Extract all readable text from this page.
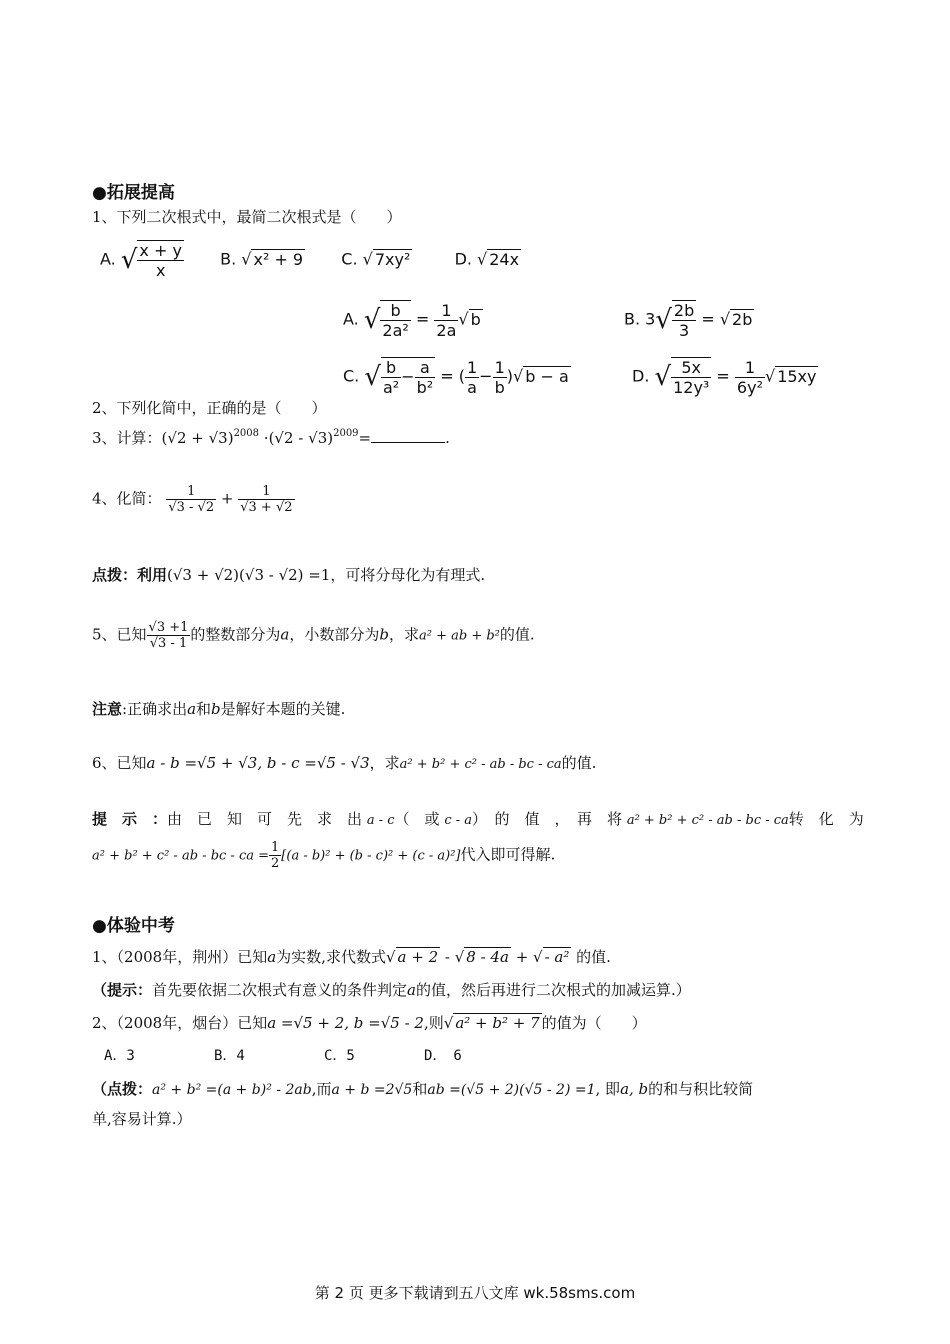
●拓展提高
1、下列二次根式中，最简二次根式是（　　）
A. √ $\frac{x + y}{x} B$. √ x² + 9 C. √ 7xy²	D. √ 24x
A. √ $\frac{b}{\text{2a²}} = \frac{1}{2a}$ √ b	B. $3√ \frac{2b}{3}$ = √ 2b
C. √ $\frac{b}{\text{a²}} - \frac{a}{\text{b²}}$ = ( $\frac{1}{a} - \frac{1}{b}$ )√ b − a	D. √ $\frac{5x}{\text{12y³}} = \frac{1}{\text{6y²}}$ √ 15xy
2、下列化简中，正确的是（　　）
3、计算：$(√2 + √3)^{2008} \cdot(√2 - √3)^{2009}=$	.
4、化简： $\frac{1}{√3 - √2} + \frac{1}{√3 + √2}$
点拨：利用(√3 + √2)(√3 - √2) =1，可将分母化为有理式.
5、已知 $\frac{√3 +1}{√3 - 1}$ 的整数部分为a，小数部分为b，求a² + ab + b²的值.
注意:正确求出a和b是解好本题的关键.
6、已知a - b =√5 + √3, b - c =√5 - √3，求a² + b² + c² - ab - bc - ca的值.
提　示　：由　已　知　可　先　求　出 a - c（　或 c - a）　的　值　，　再　将 a² + b² + c² - ab - bc - ca转　化　为
a² + b² + c² - ab - bc - ca = $\frac{1}{2} [(a - b)^2 + (b - c)^2 + (c - a)^2]$代入即可得解.
●体验中考
1、（2008年，荆州）已知a为实数,求代数式√ a + 2 - √ 8 - 4a + √ - a² 的值.
（提示：首先要依据二次根式有意义的条件判定a的值，然后再进行二次根式的加减运算.）
2、（2008年，烟台）已知a =√5 + 2, b =√5 - 2,则√ a² + b² + 7 的值为（　　）
A．3	B．4	C．5	D．　6
（点拨：a² + b² =(a + b)² - 2ab,而a + b =2√5和ab =(√5 + 2)(√5 - 2) =1, 即a, b的和与积比较简
单,容易计算.）
第 2 页 更多下载请到五八文库 wk.58sms.com
